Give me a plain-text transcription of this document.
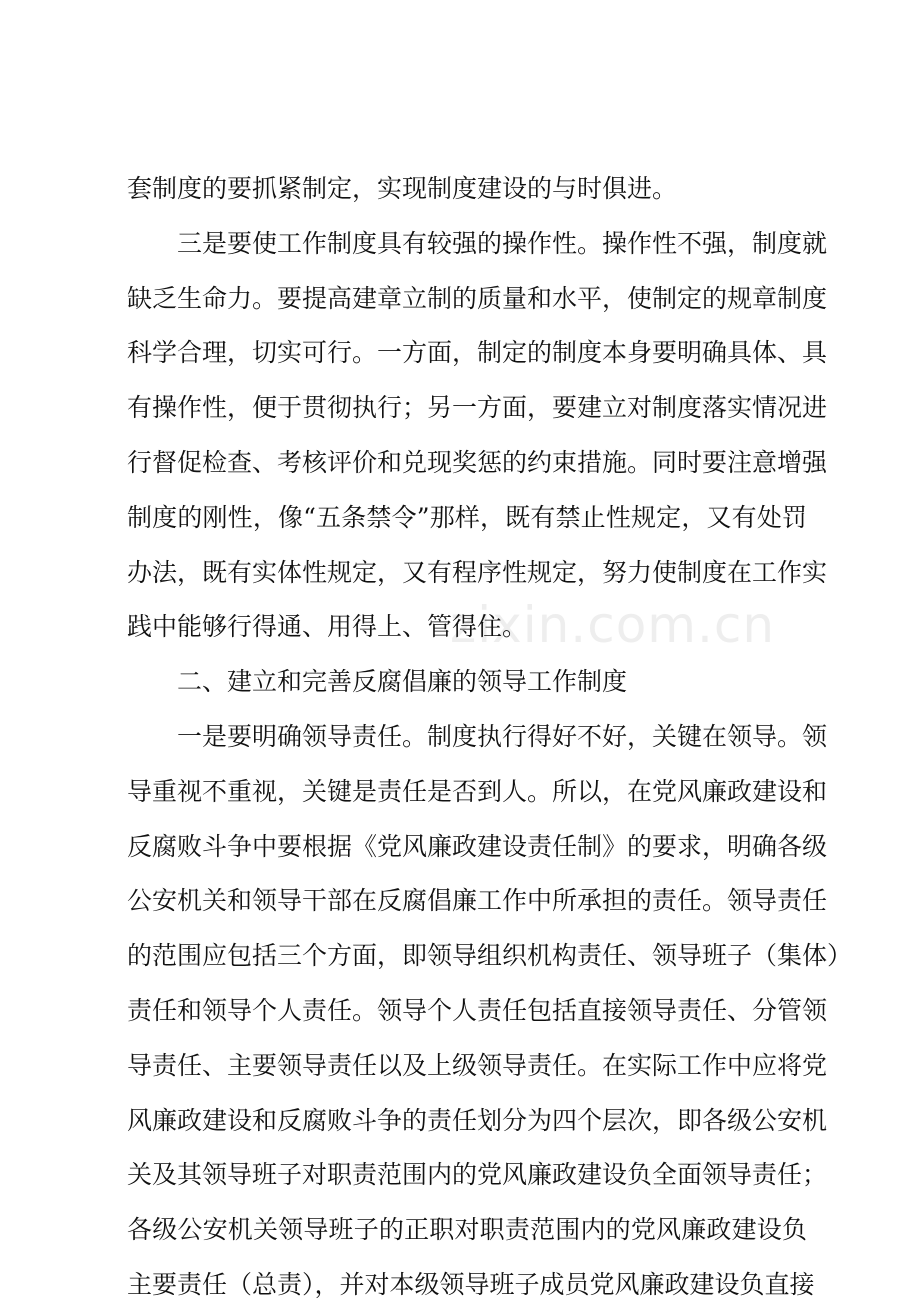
zixin.com.cn
套制度的要抓紧制定，实现制度建设的与时俱进。
三是要使工作制度具有较强的操作性。操作性不强，制度就
缺乏生命力。要提高建章立制的质量和水平，使制定的规章制度
科学合理，切实可行。一方面，制定的制度本身要明确具体、具
有操作性，便于贯彻执行；另一方面，要建立对制度落实情况进
行督促检查、考核评价和兑现奖惩的约束措施。同时要注意增强
制度的刚性，像“五条禁令”那样，既有禁止性规定，又有处罚
办法，既有实体性规定，又有程序性规定，努力使制度在工作实
践中能够行得通、用得上、管得住。
二、建立和完善反腐倡廉的领导工作制度
一是要明确领导责任。制度执行得好不好，关键在领导。领
导重视不重视，关键是责任是否到人。所以，在党风廉政建设和
反腐败斗争中要根据《党风廉政建设责任制》的要求，明确各级
公安机关和领导干部在反腐倡廉工作中所承担的责任。领导责任
的范围应包括三个方面，即领导组织机构责任、领导班子（集体）
责任和领导个人责任。领导个人责任包括直接领导责任、分管领
导责任、主要领导责任以及上级领导责任。在实际工作中应将党
风廉政建设和反腐败斗争的责任划分为四个层次，即各级公安机
关及其领导班子对职责范围内的党风廉政建设负全面领导责任；
各级公安机关领导班子的正职对职责范围内的党风廉政建设负
主要责任（总责），并对本级领导班子成员党风廉政建设负直接
